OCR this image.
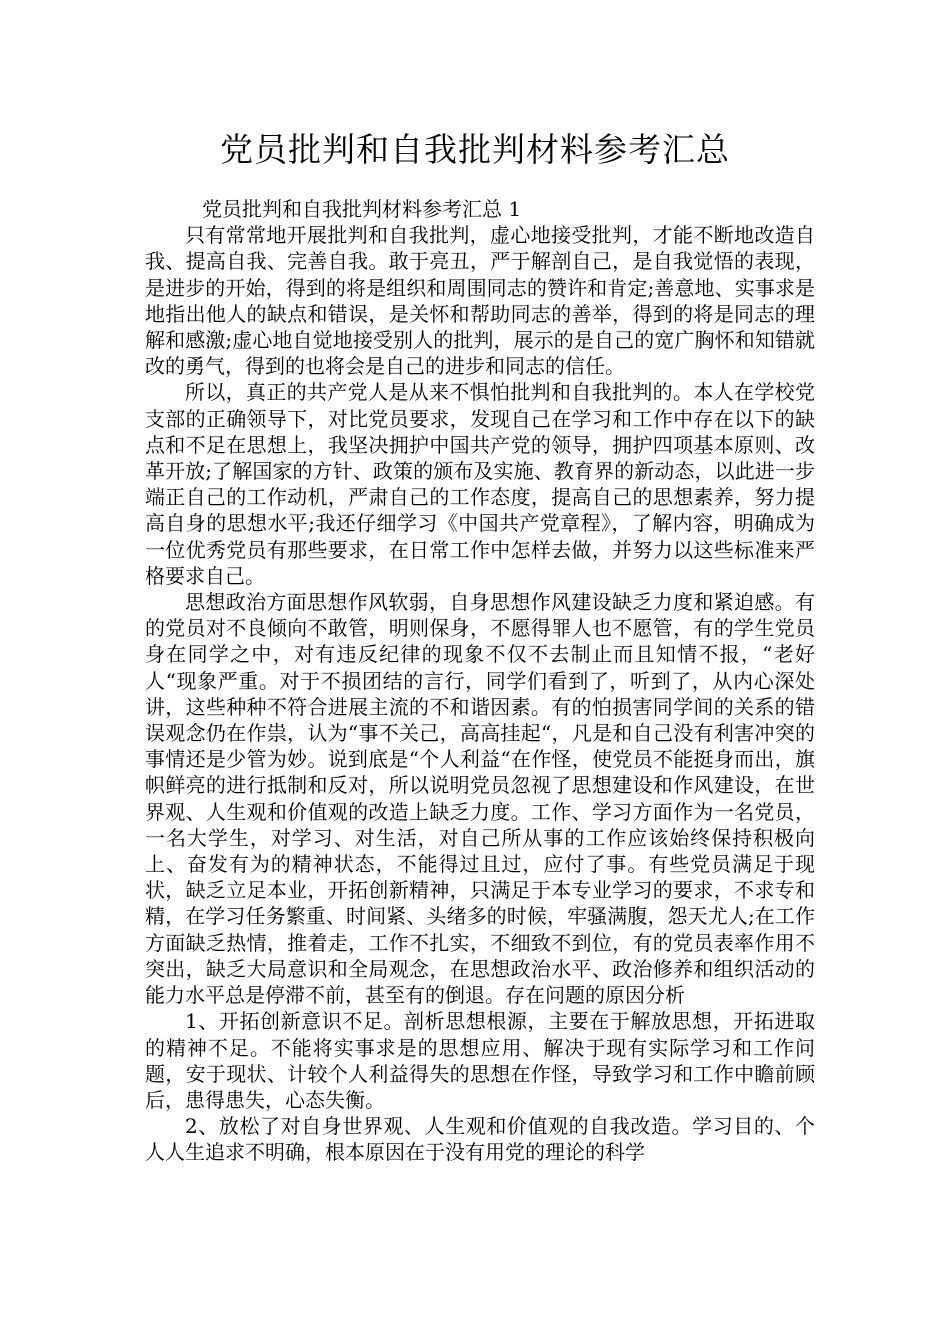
党员批判和自我批判材料参考汇总

党员批判和自我批判材料参考汇总 1

只有常常地开展批判和自我批判，虚心地接受批判，才能不断地改造自我、提高自我、完善自我。敢于亮丑，严于解剖自己，是自我觉悟的表现，是进步的开始，得到的将是组织和周围同志的赞许和肯定;善意地、实事求是地指出他人的缺点和错误，是关怀和帮助同志的善举，得到的将是同志的理解和感激;虚心地自觉地接受别人的批判，展示的是自己的宽广胸怀和知错就改的勇气，得到的也将会是自己的进步和同志的信任。

所以，真正的共产党人是从来不惧怕批判和自我批判的。本人在学校党支部的正确领导下，对比党员要求，发现自己在学习和工作中存在以下的缺点和不足在思想上，我坚决拥护中国共产党的领导，拥护四项基本原则、改革开放;了解国家的方针、政策的颁布及实施、教育界的新动态，以此进一步端正自己的工作动机，严肃自己的工作态度，提高自己的思想素养，努力提高自身的思想水平;我还仔细学习《中国共产党章程》，了解内容，明确成为一位优秀党员有那些要求，在日常工作中怎样去做，并努力以这些标准来严格要求自己。

思想政治方面思想作风软弱，自身思想作风建设缺乏力度和紧迫感。有的党员对不良倾向不敢管，明则保身，不愿得罪人也不愿管，有的学生党员身在同学之中，对有违反纪律的现象不仅不去制止而且知情不报，“老好人“现象严重。对于不损团结的言行，同学们看到了，听到了，从内心深处讲，这些种种不符合进展主流的不和谐因素。有的怕损害同学间的关系的错误观念仍在作祟，认为“事不关己，高高挂起“，凡是和自己没有利害冲突的事情还是少管为妙。说到底是“个人利益“在作怪，使党员不能挺身而出，旗帜鲜亮的进行抵制和反对，所以说明党员忽视了思想建设和作风建设，在世界观、人生观和价值观的改造上缺乏力度。工作、学习方面作为一名党员，一名大学生，对学习、对生活，对自己所从事的工作应该始终保持积极向上、奋发有为的精神状态，不能得过且过，应付了事。有些党员满足于现状，缺乏立足本业，开拓创新精神，只满足于本专业学习的要求，不求专和精，在学习任务繁重、时间紧、头绪多的时候，牢骚满腹，怨天尤人;在工作方面缺乏热情，推着走，工作不扎实，不细致不到位，有的党员表率作用不突出，缺乏大局意识和全局观念，在思想政治水平、政治修养和组织活动的能力水平总是停滞不前，甚至有的倒退。存在问题的原因分析

1、开拓创新意识不足。剖析思想根源，主要在于解放思想，开拓进取的精神不足。不能将实事求是的思想应用、解决于现有实际学习和工作问题，安于现状、计较个人利益得失的思想在作怪，导致学习和工作中瞻前顾后，患得患失，心态失衡。

2、放松了对自身世界观、人生观和价值观的自我改造。学习目的、个人人生追求不明确，根本原因在于没有用党的理论的科学
